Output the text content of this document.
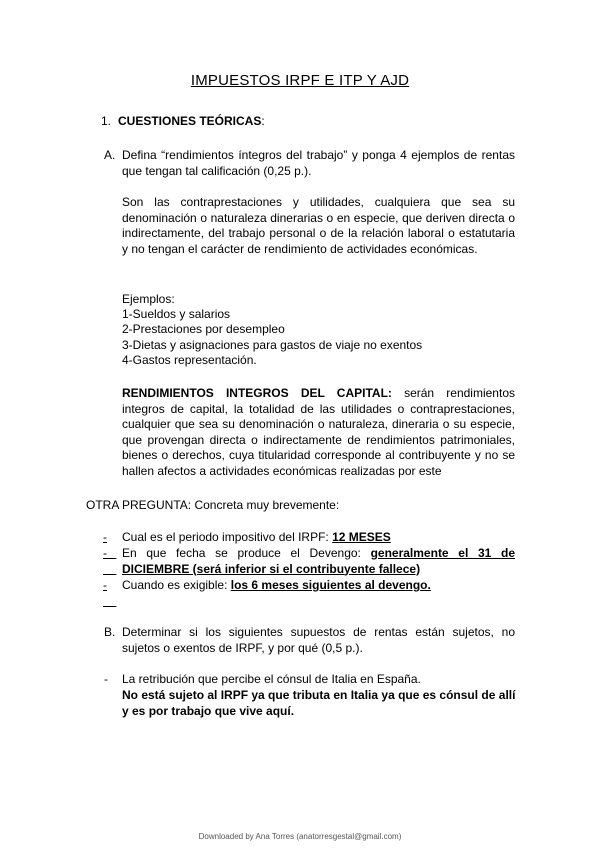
IMPUESTOS IRPF E ITP Y AJD
1. CUESTIONES TEÓRICAS:
A. Defina “rendimientos íntegros del trabajo” y ponga 4 ejemplos de rentas que tengan tal calificación (0,25 p.).
Son las contraprestaciones y utilidades, cualquiera que sea su denominación o naturaleza dinerarias o en especie, que deriven directa o indirectamente, del trabajo personal o de la relación laboral o estatutaria y no tengan el carácter de rendimiento de actividades económicas.
Ejemplos:
1-Sueldos y salarios
2-Prestaciones por desempleo
3-Dietas y asignaciones para gastos de viaje no exentos
4-Gastos representación.
RENDIMIENTOS INTEGROS DEL CAPITAL: serán rendimientos integros de capital, la totalidad de las utilidades o contraprestaciones, cualquier que sea su denominación o naturaleza, dineraria o su especie, que provengan directa o indirectamente de rendimientos patrimoniales, bienes o derechos, cuya titularidad corresponde al contribuyente y no se hallen afectos a actividades económicas realizadas por este
OTRA PREGUNTA: Concreta muy brevemente:
-	Cual es el periodo impositivo del IRPF: 12 MESES
-	En que fecha se produce el Devengo: generalmente el 31 de DICIEMBRE (será inferior si el contribuyente fallece)
-	Cuando es exigible: los 6 meses siguientes al devengo.
B. Determinar si los siguientes supuestos de rentas están sujetos, no sujetos o exentos de IRPF, y por qué (0,5 p.).
- La retribución que percibe el cónsul de Italia en España.
No está sujeto al IRPF ya que tributa en Italia ya que es cónsul de allí y es por trabajo que vive aquí.
Downloaded by Ana Torres (anatorresgestal@gmail.com)
